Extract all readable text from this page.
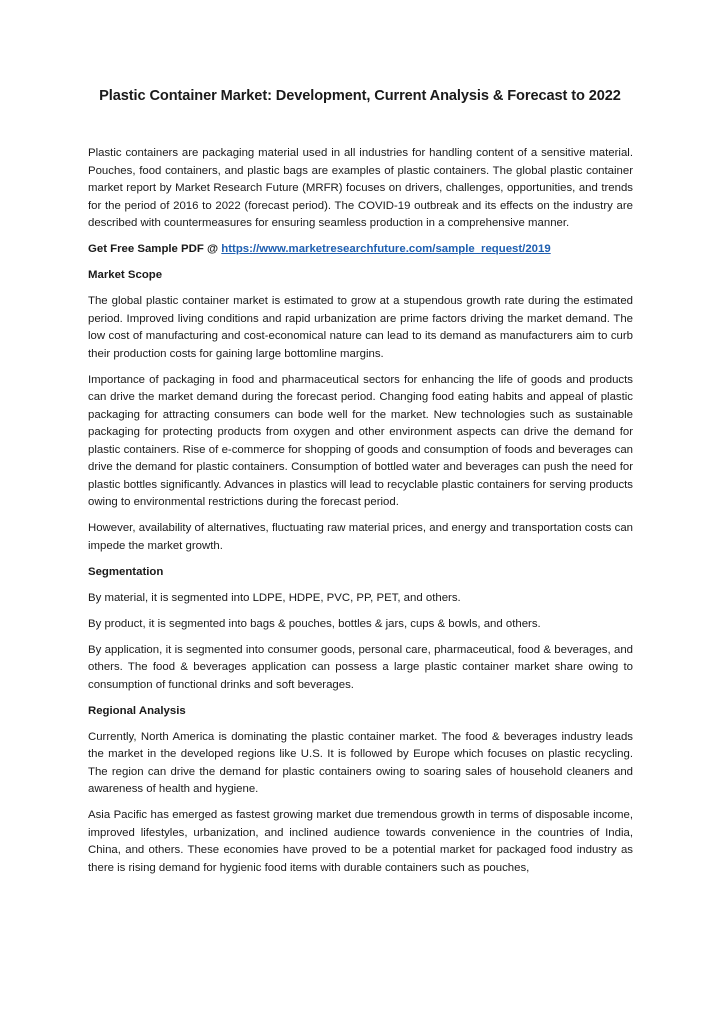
Plastic Container Market: Development, Current Analysis & Forecast to 2022

Plastic containers are packaging material used in all industries for handling content of a sensitive material. Pouches, food containers, and plastic bags are examples of plastic containers. The global plastic container market report by Market Research Future (MRFR) focuses on drivers, challenges, opportunities, and trends for the period of 2016 to 2022 (forecast period). The COVID-19 outbreak and its effects on the industry are described with countermeasures for ensuring seamless production in a comprehensive manner.

Get Free Sample PDF @ https://www.marketresearchfuture.com/sample_request/2019

Market Scope

The global plastic container market is estimated to grow at a stupendous growth rate during the estimated period. Improved living conditions and rapid urbanization are prime factors driving the market demand. The low cost of manufacturing and cost-economical nature can lead to its demand as manufacturers aim to curb their production costs for gaining large bottomline margins.

Importance of packaging in food and pharmaceutical sectors for enhancing the life of goods and products can drive the market demand during the forecast period. Changing food eating habits and appeal of plastic packaging for attracting consumers can bode well for the market. New technologies such as sustainable packaging for protecting products from oxygen and other environment aspects can drive the demand for plastic containers. Rise of e-commerce for shopping of goods and consumption of foods and beverages can drive the demand for plastic containers. Consumption of bottled water and beverages can push the need for plastic bottles significantly. Advances in plastics will lead to recyclable plastic containers for serving products owing to environmental restrictions during the forecast period.

However, availability of alternatives, fluctuating raw material prices, and energy and transportation costs can impede the market growth.

Segmentation

By material, it is segmented into LDPE, HDPE, PVC, PP, PET, and others.

By product, it is segmented into bags & pouches, bottles & jars, cups & bowls, and others.

By application, it is segmented into consumer goods, personal care, pharmaceutical, food & beverages, and others. The food & beverages application can possess a large plastic container market share owing to consumption of functional drinks and soft beverages.

Regional Analysis

Currently, North America is dominating the plastic container market. The food & beverages industry leads the market in the developed regions like U.S. It is followed by Europe which focuses on plastic recycling. The region can drive the demand for plastic containers owing to soaring sales of household cleaners and awareness of health and hygiene.

Asia Pacific has emerged as fastest growing market due tremendous growth in terms of disposable income, improved lifestyles, urbanization, and inclined audience towards convenience in the countries of India, China, and others. These economies have proved to be a potential market for packaged food industry as there is rising demand for hygienic food items with durable containers such as pouches,
